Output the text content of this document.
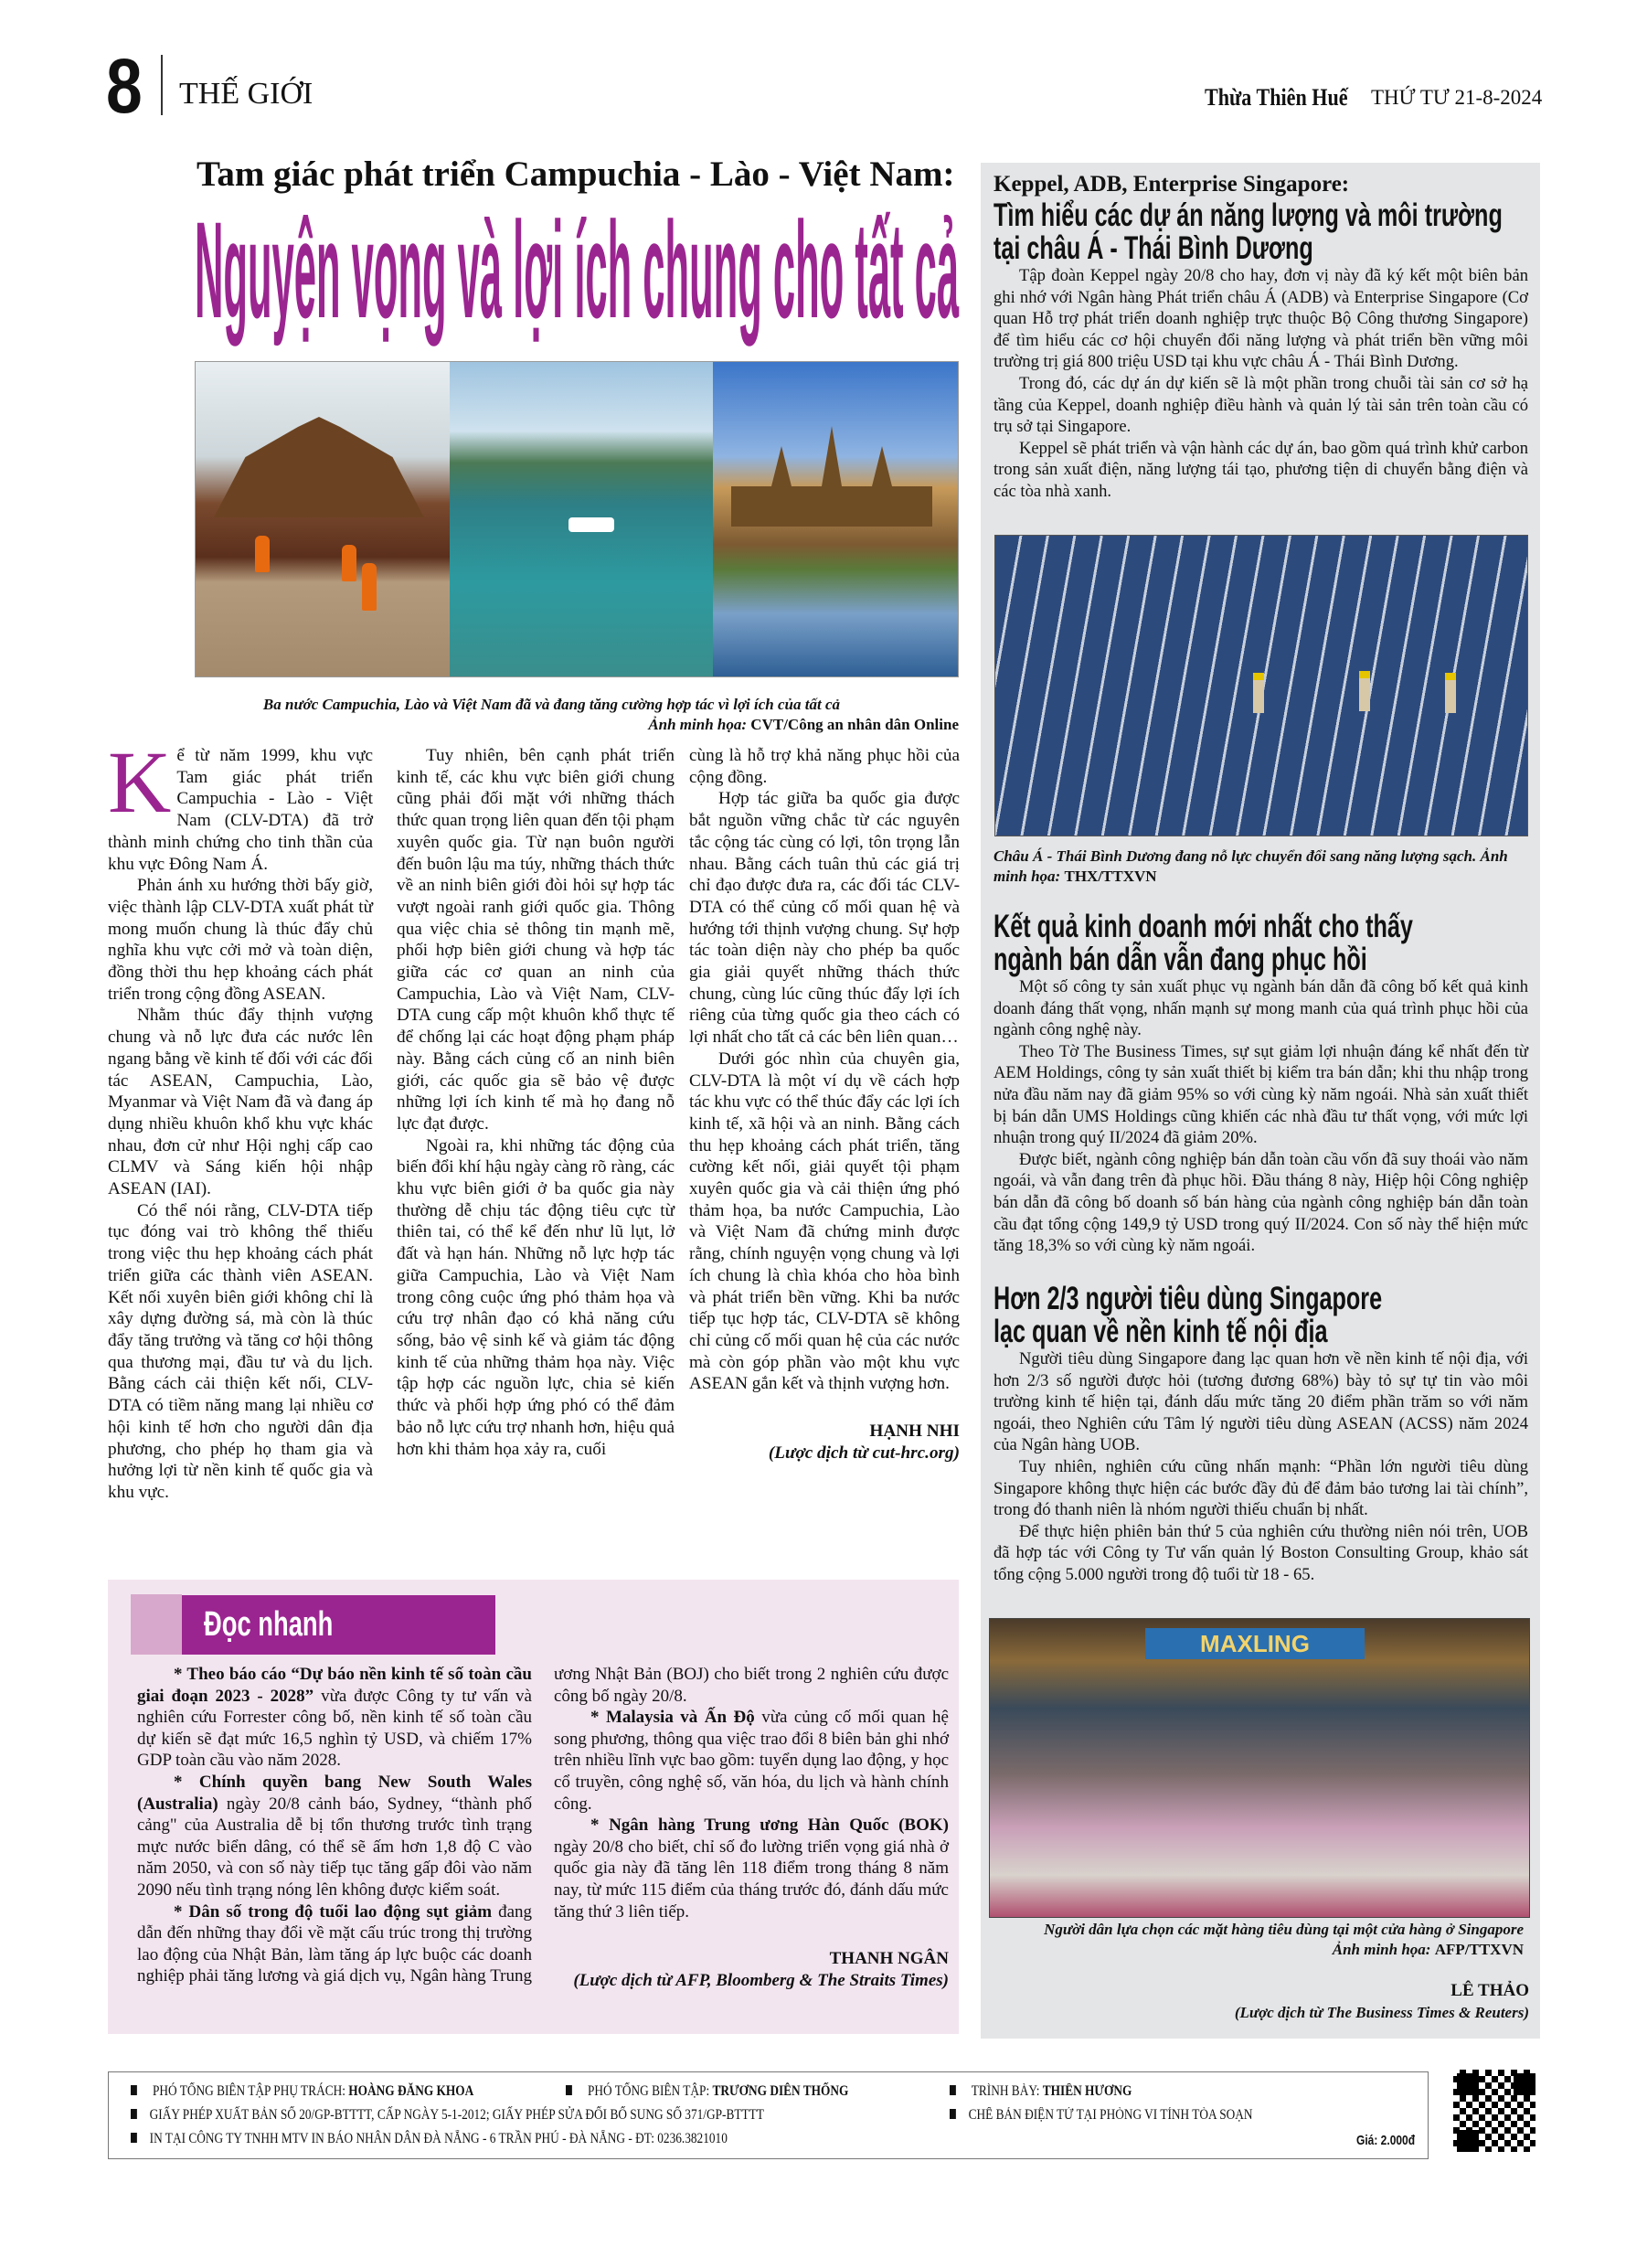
8 THẾ GIỚI	Thừa Thiên Huế THỨ TƯ 21-8-2024
Tam giác phát triển Campuchia - Lào - Việt Nam:
Nguyện vọng và lợi ích chung cho tất cả
Ba nước Campuchia, Lào và Việt Nam đã và đang tăng cường hợp tác vì lợi ích của tất cả
Ảnh minh họa: CVT/Công an nhân dân Online

Kể từ năm 1999, khu vực Tam giác phát triển Campuchia - Lào - Việt Nam (CLV-DTA) đã trở thành minh chứng cho tinh thần của khu vực Đông Nam Á.

Phản ánh xu hướng thời bấy giờ, việc thành lập CLV-DTA xuất phát từ mong muốn chung là thúc đẩy chủ nghĩa khu vực cởi mở và toàn diện, đồng thời thu hẹp khoảng cách phát triển trong cộng đồng ASEAN.

Nhằm thúc đẩy thịnh vượng chung và nỗ lực đưa các nước lên ngang bằng về kinh tế đối với các đối tác ASEAN, Campuchia, Lào, Myanmar và Việt Nam đã và đang áp dụng nhiều khuôn khổ khu vực khác nhau, đơn cử như Hội nghị cấp cao CLMV và Sáng kiến hội nhập ASEAN (IAI).

Có thể nói rằng, CLV-DTA tiếp tục đóng vai trò không thể thiếu trong việc thu hẹp khoảng cách phát triển giữa các thành viên ASEAN. Kết nối xuyên biên giới không chỉ là xây dựng đường sá, mà còn là thúc đẩy tăng trưởng và tăng cơ hội thông qua thương mại, đầu tư và du lịch. Bằng cách cải thiện kết nối, CLV-DTA có tiềm năng mang lại nhiều cơ hội kinh tế hơn cho người dân địa phương, cho phép họ tham gia và hưởng lợi từ nền kinh tế quốc gia và khu vực.

Tuy nhiên, bên cạnh phát triển kinh tế, các khu vực biên giới chung cũng phải đối mặt với những thách thức quan trọng liên quan đến tội phạm xuyên quốc gia. Từ nạn buôn người đến buôn lậu ma túy, những thách thức về an ninh biên giới đòi hỏi sự hợp tác vượt ngoài ranh giới quốc gia. Thông qua việc chia sẻ thông tin mạnh mẽ, phối hợp biên giới chung và hợp tác giữa các cơ quan an ninh của Campuchia, Lào và Việt Nam, CLV-DTA cung cấp một khuôn khổ thực tế để chống lại các hoạt động phạm pháp này. Bằng cách củng cố an ninh biên giới, các quốc gia sẽ bảo vệ được những lợi ích kinh tế mà họ đang nỗ lực đạt được.

Ngoài ra, khi những tác động của biến đổi khí hậu ngày càng rõ ràng, các khu vực biên giới ở ba quốc gia này thường dễ chịu tác động tiêu cực từ thiên tai, có thể kể đến như lũ lụt, lở đất và hạn hán. Những nỗ lực hợp tác giữa Campuchia, Lào và Việt Nam trong công cuộc ứng phó thảm họa và cứu trợ nhân đạo có khả năng cứu sống, bảo vệ sinh kế và giảm tác động kinh tế của những thảm họa này. Việc tập hợp các nguồn lực, chia sẻ kiến thức và phối hợp ứng phó có thể đảm bảo nỗ lực cứu trợ nhanh hơn, hiệu quả hơn khi thảm họa xảy ra, cuối

cùng là hỗ trợ khả năng phục hồi của cộng đồng.

Hợp tác giữa ba quốc gia được bắt nguồn vững chắc từ các nguyên tắc cộng tác cùng có lợi, tôn trọng lẫn nhau. Bằng cách tuân thủ các giá trị chỉ đạo được đưa ra, các đối tác CLV-DTA có thể củng cố mối quan hệ và hướng tới thịnh vượng chung. Sự hợp tác toàn diện này cho phép ba quốc gia giải quyết những thách thức chung, cùng lúc cũng thúc đẩy lợi ích riêng của từng quốc gia theo cách có lợi nhất cho tất cả các bên liên quan…

Dưới góc nhìn của chuyên gia, CLV-DTA là một ví dụ về cách hợp tác khu vực có thể thúc đẩy các lợi ích kinh tế, xã hội và an ninh. Bằng cách thu hẹp khoảng cách phát triển, tăng cường kết nối, giải quyết tội phạm xuyên quốc gia và cải thiện ứng phó thảm họa, ba nước Campuchia, Lào và Việt Nam đã chứng minh được rằng, chính nguyện vọng chung và lợi ích chung là chìa khóa cho hòa bình và phát triển bền vững. Khi ba nước tiếp tục hợp tác, CLV-DTA sẽ không chỉ củng cố mối quan hệ của các nước mà còn góp phần vào một khu vực ASEAN gắn kết và thịnh vượng hơn.

HẠNH NHI

(Lược dịch từ cut-hrc.org)

Đọc nhanh

* Theo báo cáo “Dự báo nền kinh tế số toàn cầu giai đoạn 2023 - 2028” vừa được Công ty tư vấn và nghiên cứu Forrester công bố, nền kinh tế số toàn cầu dự kiến sẽ đạt mức 16,5 nghìn tỷ USD, và chiếm 17% GDP toàn cầu vào năm 2028.

* Chính quyền bang New South Wales (Australia) ngày 20/8 cảnh báo, Sydney, “thành phố cảng" của Australia dễ bị tổn thương trước tình trạng mực nước biển dâng, có thể sẽ ấm hơn 1,8 độ C vào năm 2050, và con số này tiếp tục tăng gấp đôi vào năm 2090 nếu tình trạng nóng lên không được kiểm soát.

* Dân số trong độ tuổi lao động sụt giảm đang dẫn đến những thay đổi về mặt cấu trúc trong thị trường lao động của Nhật Bản, làm tăng áp lực buộc các doanh nghiệp phải tăng lương và giá dịch vụ, Ngân hàng Trung ương Nhật Bản (BOJ) cho biết trong 2 nghiên cứu được công bố ngày 20/8.

* Malaysia và Ấn Độ vừa củng cố mối quan hệ song phương, thông qua việc trao đổi 8 biên bản ghi nhớ trên nhiều lĩnh vực bao gồm: tuyển dụng lao động, y học cổ truyền, công nghệ số, văn hóa, du lịch và hành chính công.

* Ngân hàng Trung ương Hàn Quốc (BOK) ngày 20/8 cho biết, chỉ số đo lường triển vọng giá nhà ở quốc gia này đã tăng lên 118 điểm trong tháng 8 năm nay, từ mức 115 điểm của tháng trước đó, đánh dấu mức tăng thứ 3 liên tiếp.

THANH NGÂN

(Lược dịch từ AFP, Bloomberg & The Straits Times)

Keppel, ADB, Enterprise Singapore:
Tìm hiểu các dự án năng lượng và môi trường
tại châu Á - Thái Bình Dương

Tập đoàn Keppel ngày 20/8 cho hay, đơn vị này đã ký kết một biên bản ghi nhớ với Ngân hàng Phát triển châu Á (ADB) và Enterprise Singapore (Cơ quan Hỗ trợ phát triển doanh nghiệp trực thuộc Bộ Công thương Singapore) để tìm hiểu các cơ hội chuyển đổi năng lượng và phát triển bền vững môi trường trị giá 800 triệu USD tại khu vực châu Á - Thái Bình Dương.

Trong đó, các dự án dự kiến sẽ là một phần trong chuỗi tài sản cơ sở hạ tầng của Keppel, doanh nghiệp điều hành và quản lý tài sản trên toàn cầu có trụ sở tại Singapore.

Keppel sẽ phát triển và vận hành các dự án, bao gồm quá trình khử carbon trong sản xuất điện, năng lượng tái tạo, phương tiện di chuyển bằng điện và các tòa nhà xanh.

Châu Á - Thái Bình Dương đang nỗ lực chuyển đổi sang năng lượng sạch. Ảnh minh họa: THX/TTXVN
Kết quả kinh doanh mới nhất cho thấy
ngành bán dẫn vẫn đang phục hồi

Một số công ty sản xuất phục vụ ngành bán dẫn đã công bố kết quả kinh doanh đáng thất vọng, nhấn mạnh sự mong manh của quá trình phục hồi của ngành công nghệ này.

Theo Tờ The Business Times, sự sụt giảm lợi nhuận đáng kể nhất đến từ AEM Holdings, công ty sản xuất thiết bị kiểm tra bán dẫn; khi thu nhập trong nửa đầu năm nay đã giảm 95% so với cùng kỳ năm ngoái. Nhà sản xuất thiết bị bán dẫn UMS Holdings cũng khiến các nhà đầu tư thất vọng, với mức lợi nhuận trong quý II/2024 đã giảm 20%.

Được biết, ngành công nghiệp bán dẫn toàn cầu vốn đã suy thoái vào năm ngoái, và vẫn đang trên đà phục hồi. Đầu tháng 8 này, Hiệp hội Công nghiệp bán dẫn đã công bố doanh số bán hàng của ngành công nghiệp bán dẫn toàn cầu đạt tổng cộng 149,9 tỷ USD trong quý II/2024. Con số này thể hiện mức tăng 18,3% so với cùng kỳ năm ngoái.

Hơn 2/3 người tiêu dùng Singapore
lạc quan về nền kinh tế nội địa

Người tiêu dùng Singapore đang lạc quan hơn về nền kinh tế nội địa, với hơn 2/3 số người được hỏi (tương đương 68%) bày tỏ sự tự tin vào môi trường kinh tế hiện tại, đánh dấu mức tăng 20 điểm phần trăm so với năm ngoái, theo Nghiên cứu Tâm lý người tiêu dùng ASEAN (ACSS) năm 2024 của Ngân hàng UOB.

Tuy nhiên, nghiên cứu cũng nhấn mạnh: “Phần lớn người tiêu dùng Singapore không thực hiện các bước đầy đủ để đảm bảo tương lai tài chính”, trong đó thanh niên là nhóm người thiếu chuẩn bị nhất.

Để thực hiện phiên bản thứ 5 của nghiên cứu thường niên nói trên, UOB đã hợp tác với Công ty Tư vấn quản lý Boston Consulting Group, khảo sát tổng cộng 5.000 người trong độ tuổi từ 18 - 65.

MAXLING
Người dân lựa chọn các mặt hàng tiêu dùng tại một cửa hàng ở Singapore
Ảnh minh họa: AFP/TTXVN
LÊ THẢO
(Lược dịch từ The Business Times & Reuters)
PHÓ TỔNG BIÊN TẬP PHỤ TRÁCH: HOÀNG ĐĂNG KHOA	PHÓ TỔNG BIÊN TẬP: TRƯƠNG DIÊN THỐNG	TRÌNH BÀY: THIÊN HƯƠNG
GIẤY PHÉP XUẤT BẢN SỐ 20/GP-BTTTT, CẤP NGÀY 5-1-2012; GIẤY PHÉP SỬA ĐỔI BỔ SUNG SỐ 371/GP-BTTTT	CHẾ BẢN ĐIỆN TỬ TẠI PHÒNG VI TÍNH TÒA SOẠN
IN TẠI CÔNG TY TNHH MTV IN BÁO NHÂN DÂN ĐÀ NẴNG - 6 TRẦN PHÚ - ĐÀ NẴNG - ĐT: 0236.3821010	Giá: 2.000đ
